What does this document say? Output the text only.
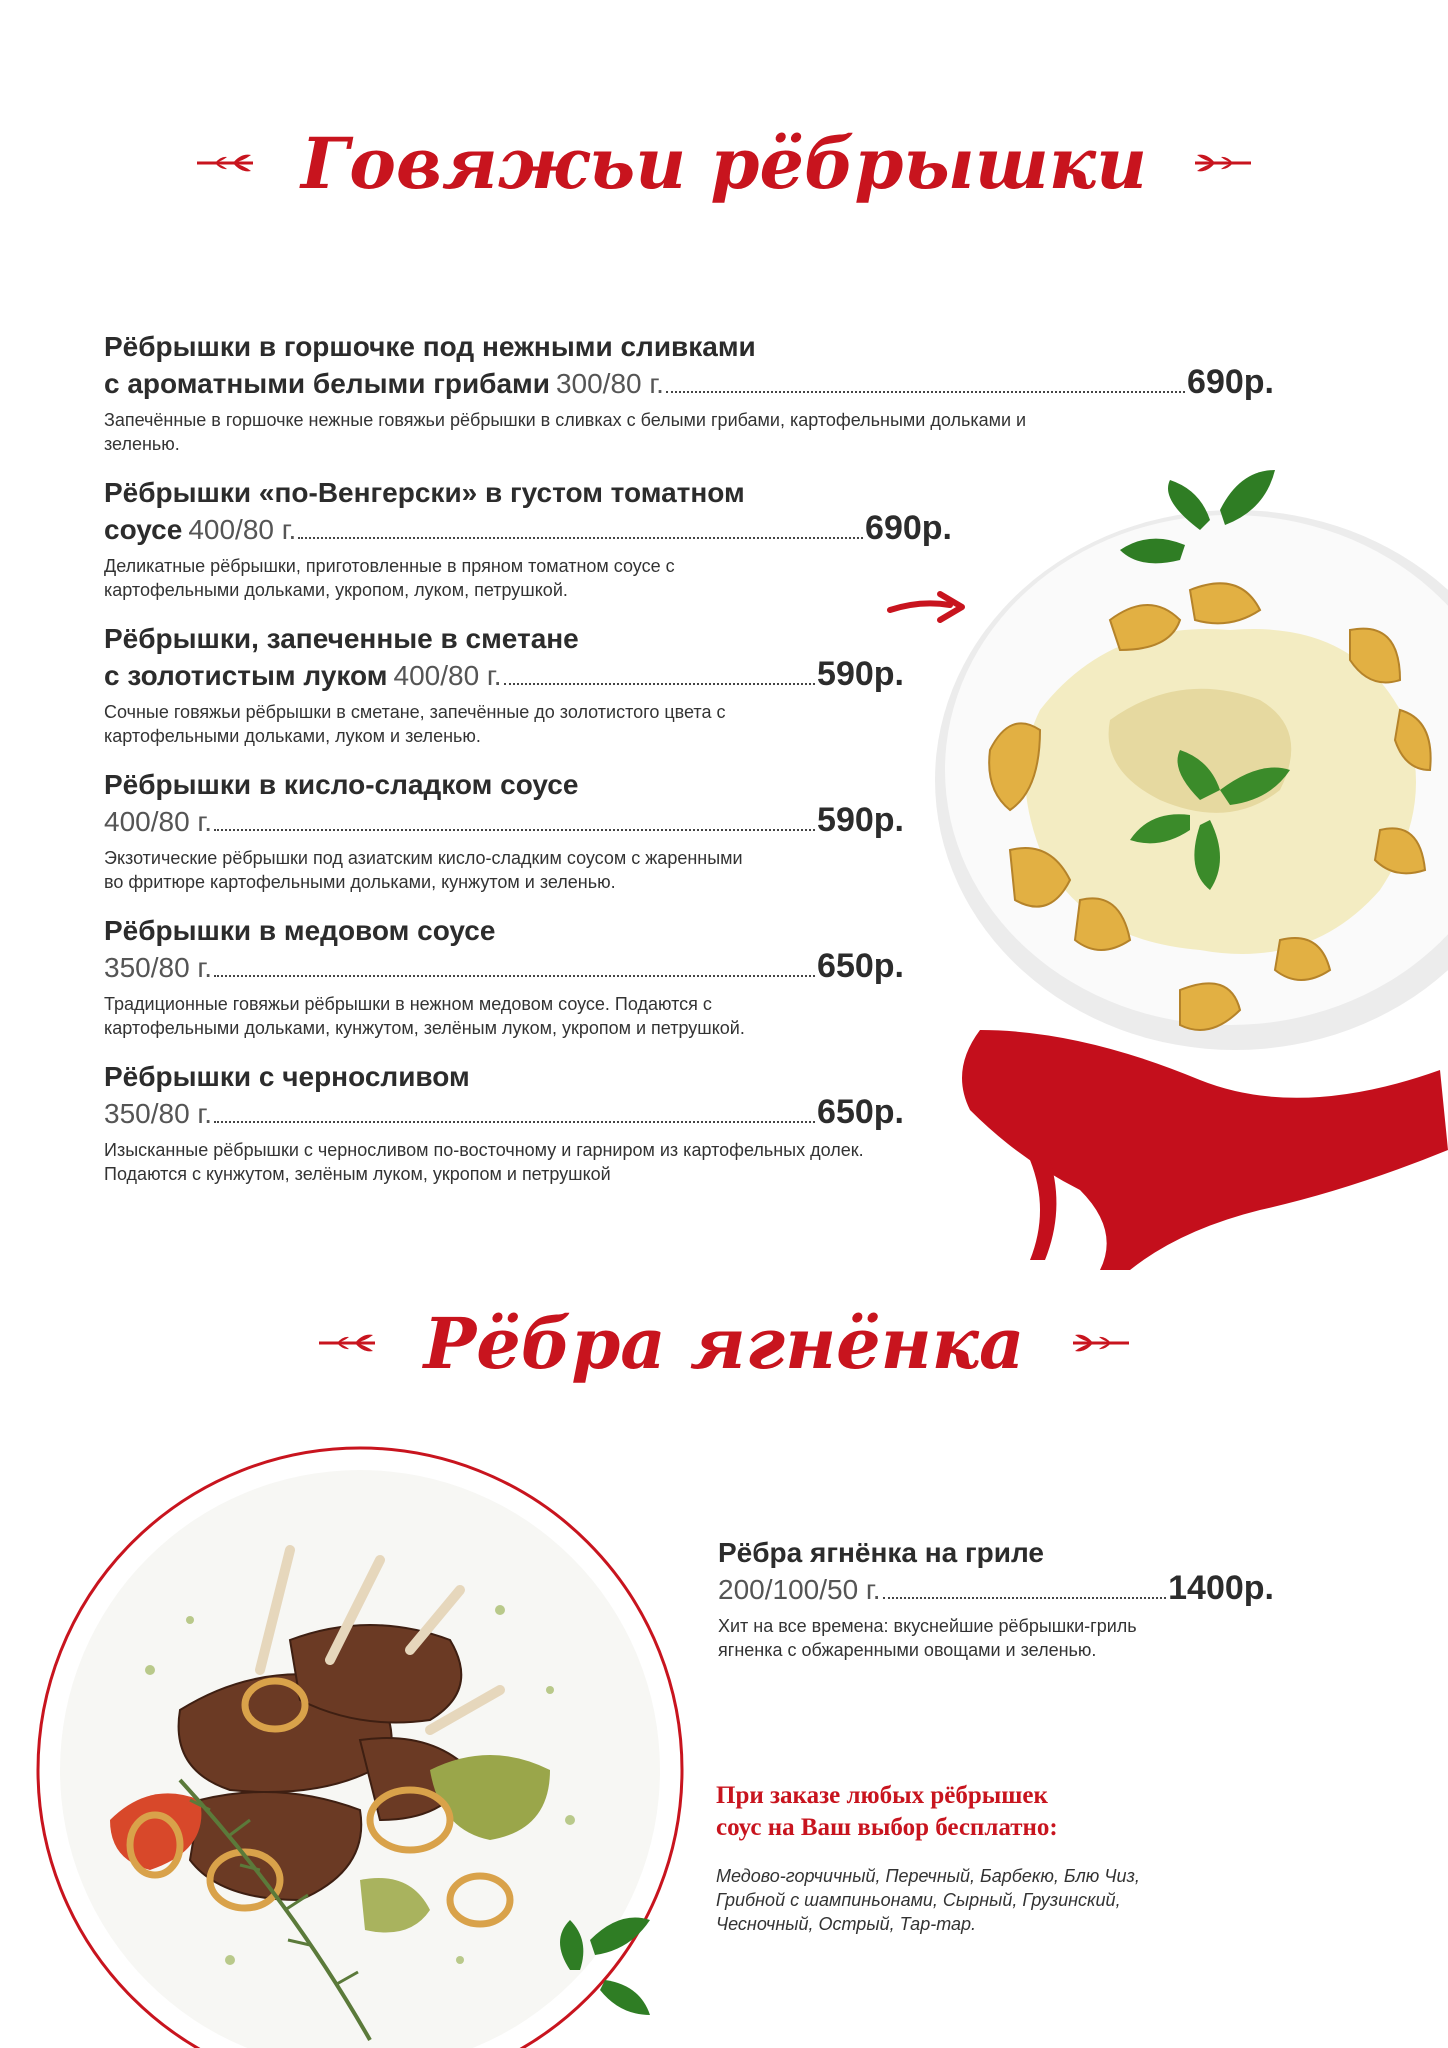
Говяжьи рёбрышки
Рёбрышки в горшочке под нежными сливками
с ароматными белыми грибами 300/80 г.	690р.
Запечённые в горшочке нежные говяжьи рёбрышки в сливках с белыми грибами, картофельными дольками и зеленью.
Рёбрышки «по-Венгерски» в густом томатном
соусе 400/80 г.	690р.
Деликатные рёбрышки, приготовленные в пряном томатном соусе с картофельными дольками, укропом, луком, петрушкой.
Рёбрышки, запеченные в сметане
с золотистым луком 400/80 г.	590р.
Сочные говяжьи рёбрышки в сметане, запечённые до золотистого цвета с картофельными дольками, луком и зеленью.
Рёбрышки в кисло-сладком соусе
400/80 г.	590р.
Экзотические рёбрышки под азиатским кисло-сладким соусом с жаренными во фритюре картофельными дольками, кунжутом и зеленью.
Рёбрышки в медовом соусе
350/80 г.	650р.
Традиционные говяжьи рёбрышки в нежном медовом соусе. Подаются с картофельными дольками, кунжутом, зелёным луком, укропом и петрушкой.
Рёбрышки с черносливом
350/80 г.	650р.
Изысканные рёбрышки с черносливом по-восточному и гарниром из картофельных долек. Подаются с кунжутом, зелёным луком, укропом и петрушкой
Рёбра ягнёнка
Рёбра ягнёнка на гриле
200/100/50 г.	1400р.
Хит на все времена: вкуснейшие рёбрышки-гриль ягненка с обжаренными овощами и зеленью.
При заказе любых рёбрышек
соус на Ваш выбор бесплатно:
Медово-горчичный, Перечный, Барбекю, Блю Чиз, Грибной с шампиньонами, Сырный, Грузинский, Чесночный, Острый, Тар-тар.
